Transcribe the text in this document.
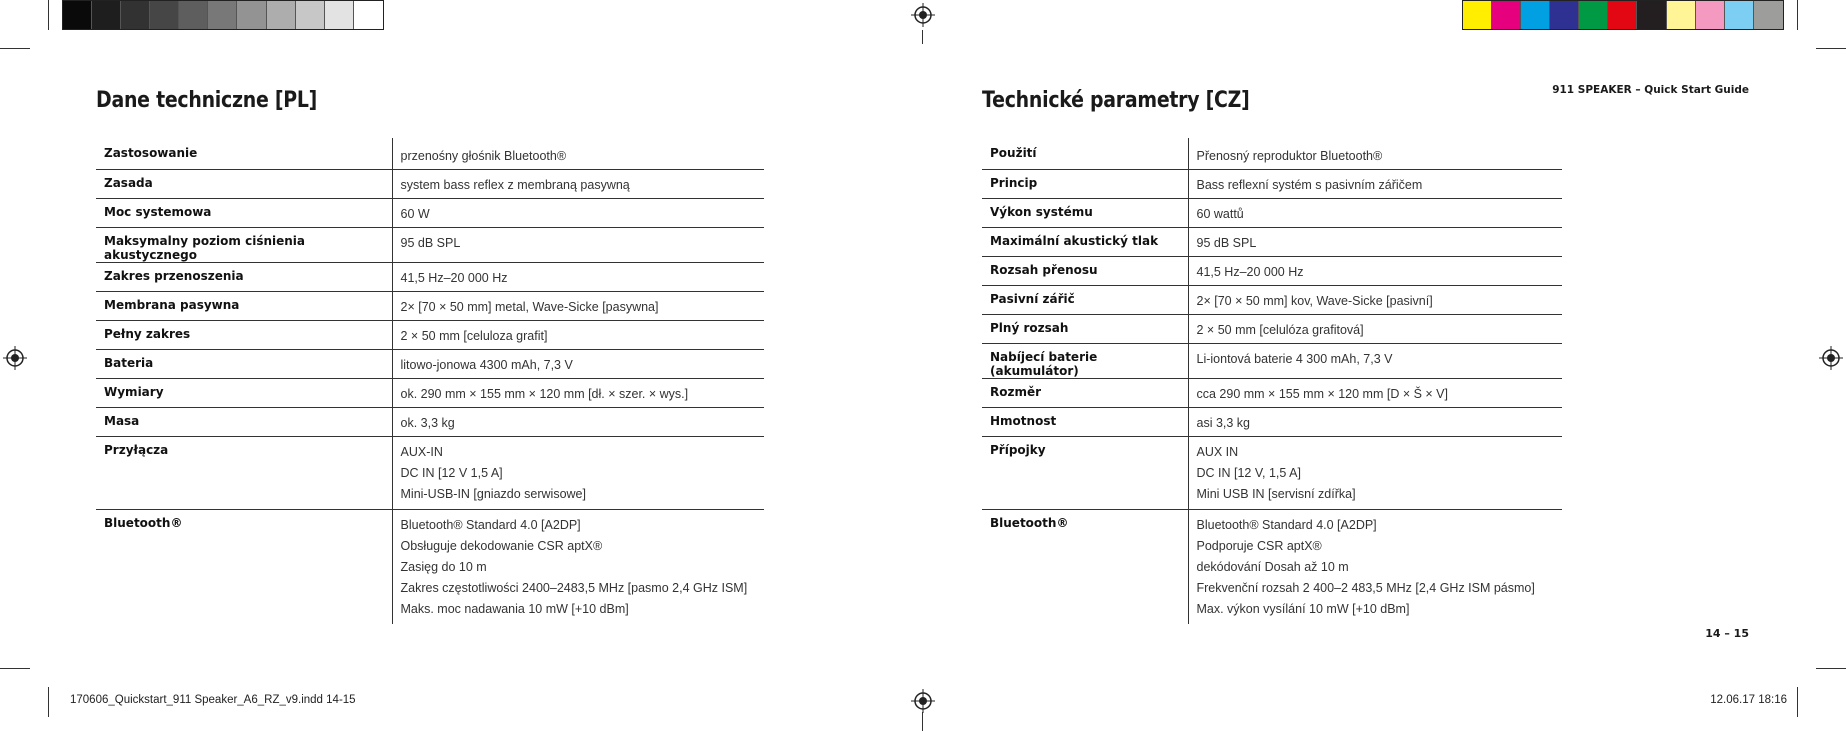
911 SPEAKER – Quick Start Guide
Dane techniczne [PL]
Zastosowanie	przenośny głośnik Bluetooth®

Zasada	system bass reflex z membraną pasywną

Moc systemowa	60 W

Maksymalny poziom ciśnienia akustycznego	95 dB SPL

Zakres przenoszenia	41,5 Hz–20 000 Hz

Membrana pasywna	2× [70 × 50 mm] metal, Wave-Sicke [pasywna]

Pełny zakres	2 × 50 mm [celuloza grafit]

Bateria	litowo-jonowa 4300 mAh, 7,3 V

Wymiary	ok. 290 mm × 155 mm × 120 mm [dł. × szer. × wys.]

Masa	ok. 3,3 kg

Przyłącza	AUX-IN
DC IN [12 V 1,5 A]
Mini-USB-IN [gniazdo serwisowe]

Bluetooth®	Bluetooth® Standard 4.0 [A2DP]
Obsługuje dekodowanie CSR aptX®
Zasięg do 10 m
Zakres częstotliwości 2400–2483,5 MHz [pasmo 2,4 GHz ISM]
Maks. moc nadawania 10 mW [+10 dBm]
Technické parametry [CZ]
Použití	Přenosný reproduktor Bluetooth®

Princip	Bass reflexní systém s pasivním zářičem

Výkon systému	60 wattů

Maximální akustický tlak	95 dB SPL

Rozsah přenosu	41,5 Hz–20 000 Hz

Pasivní zářič	2× [70 × 50 mm] kov, Wave-Sicke [pasivní]

Plný rozsah	2 × 50 mm [celulóza grafitová]

Nabíjecí baterie (akumulátor)	Li-iontová baterie 4 300 mAh, 7,3 V

Rozměr	cca 290 mm × 155 mm × 120 mm [D × Š × V]

Hmotnost	asi 3,3 kg

Přípojky	AUX IN
DC IN [12 V, 1,5 A]
Mini USB IN [servisní zdířka]

Bluetooth®	Bluetooth® Standard 4.0 [A2DP]
Podporuje CSR aptX®
dekódování Dosah až 10 m
Frekvenční rozsah 2 400–2 483,5 MHz [2,4 GHz ISM pásmo]
Max. výkon vysílání 10 mW [+10 dBm]
14 – 15
170606_Quickstart_911 Speaker_A6_RZ_v9.indd 14-15	12.06.17 18:16
